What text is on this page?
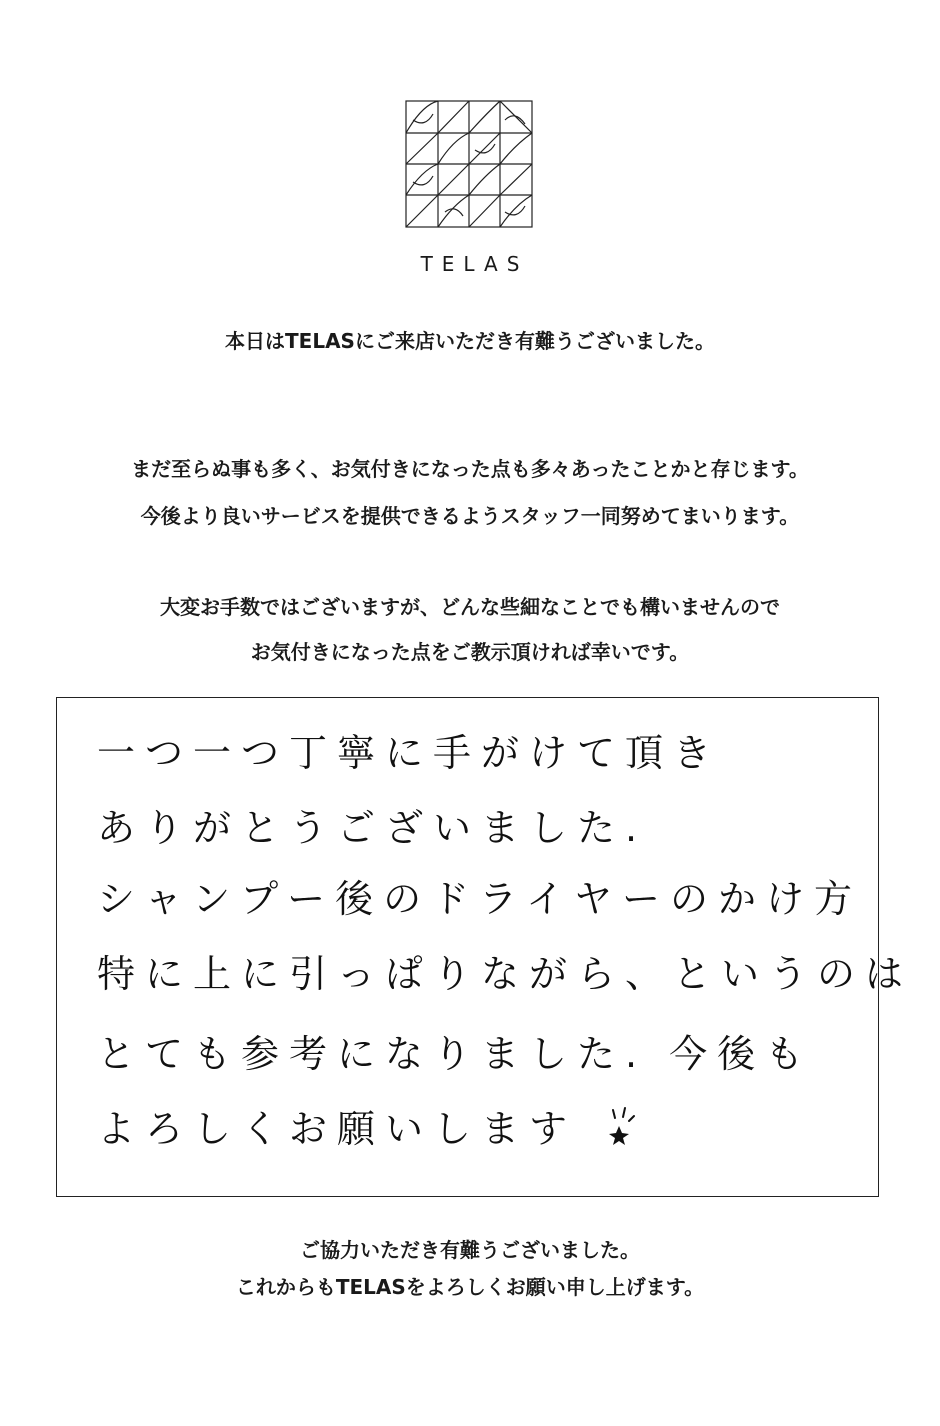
TELAS
本日はTELASにご来店いただき有難うございました。
まだ至らぬ事も多く、お気付きになった点も多々あったことかと存じます。
今後より良いサービスを提供できるようスタッフ一同努めてまいります。
大変お手数ではございますが、どんな些細なことでも構いませんので
お気付きになった点をご教示頂ければ幸いです。
一つ一つ丁寧に手がけて頂き
ありがとうございました.
シャンプー後のドライヤーのかけ方
特に上に引っぱりながら、というのは
とても参考になりました. 今後も
よろしくお願いします
ご協力いただき有難うございました。
これからもTELASをよろしくお願い申し上げます。
